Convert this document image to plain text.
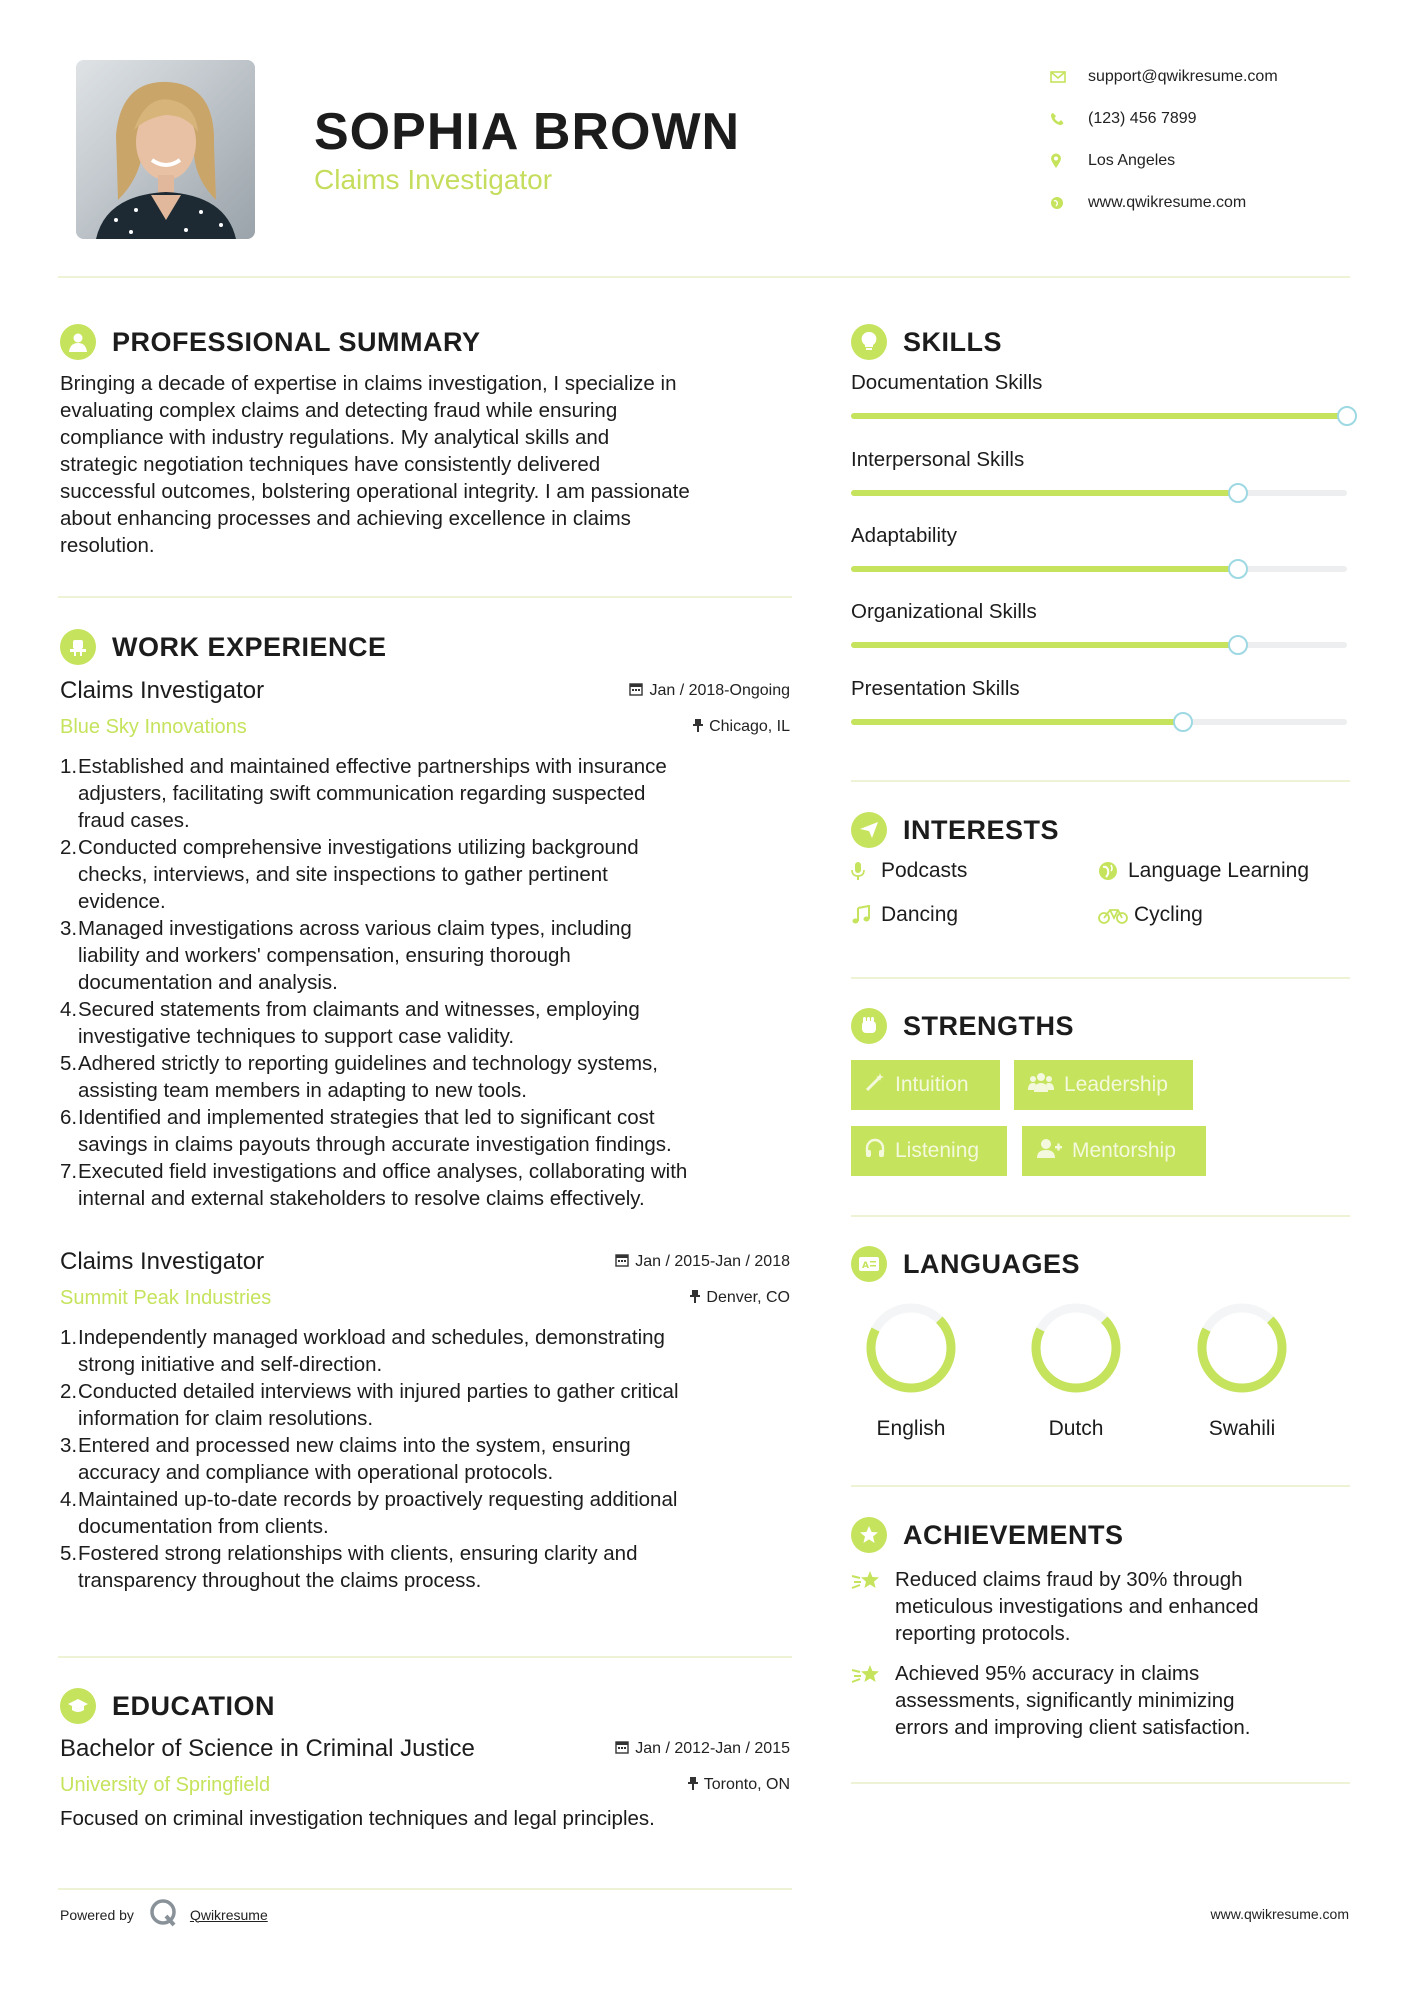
SOPHIA BROWN
Claims Investigator
support@qwikresume.com
(123) 456 7899
Los Angeles
www.qwikresume.com
PROFESSIONAL SUMMARY
Bringing a decade of expertise in claims investigation, I specialize in
evaluating complex claims and detecting fraud while ensuring
compliance with industry regulations. My analytical skills and
strategic negotiation techniques have consistently delivered
successful outcomes, bolstering operational integrity. I am passionate
about enhancing processes and achieving excellence in claims
resolution.
WORK EXPERIENCE
Claims Investigator	Jan / 2018-Ongoing
Blue Sky Innovations	Chicago, IL
1. Established and maintained effective partnerships with insurance
adjusters, facilitating swift communication regarding suspected
fraud cases.
2. Conducted comprehensive investigations utilizing background
checks, interviews, and site inspections to gather pertinent
evidence.
3. Managed investigations across various claim types, including
liability and workers' compensation, ensuring thorough
documentation and analysis.
4. Secured statements from claimants and witnesses, employing
investigative techniques to support case validity.
5. Adhered strictly to reporting guidelines and technology systems,
assisting team members in adapting to new tools.
6. Identified and implemented strategies that led to significant cost
savings in claims payouts through accurate investigation findings.
7. Executed field investigations and office analyses, collaborating with
internal and external stakeholders to resolve claims effectively.
Claims Investigator	Jan / 2015-Jan / 2018
Summit Peak Industries	Denver, CO
1. Independently managed workload and schedules, demonstrating
strong initiative and self-direction.
2. Conducted detailed interviews with injured parties to gather critical
information for claim resolutions.
3. Entered and processed new claims into the system, ensuring
accuracy and compliance with operational protocols.
4. Maintained up-to-date records by proactively requesting additional
documentation from clients.
5. Fostered strong relationships with clients, ensuring clarity and
transparency throughout the claims process.
EDUCATION
Bachelor of Science in Criminal Justice	Jan / 2012-Jan / 2015
University of Springfield	Toronto, ON
Focused on criminal investigation techniques and legal principles.
SKILLS
Documentation Skills
Interpersonal Skills
Adaptability
Organizational Skills
Presentation Skills
INTERESTS
Podcasts	Language Learning
Dancing	Cycling
STRENGTHS
Intuition	Leadership
Listening	Mentorship
A LANGUAGES
English	Dutch	Swahili
ACHIEVEMENTS
Reduced claims fraud by 30% through
meticulous investigations and enhanced
reporting protocols.
Achieved 95% accuracy in claims
assessments, significantly minimizing
errors and improving client satisfaction.
Powered by	Qwikresume	www.qwikresume.com
